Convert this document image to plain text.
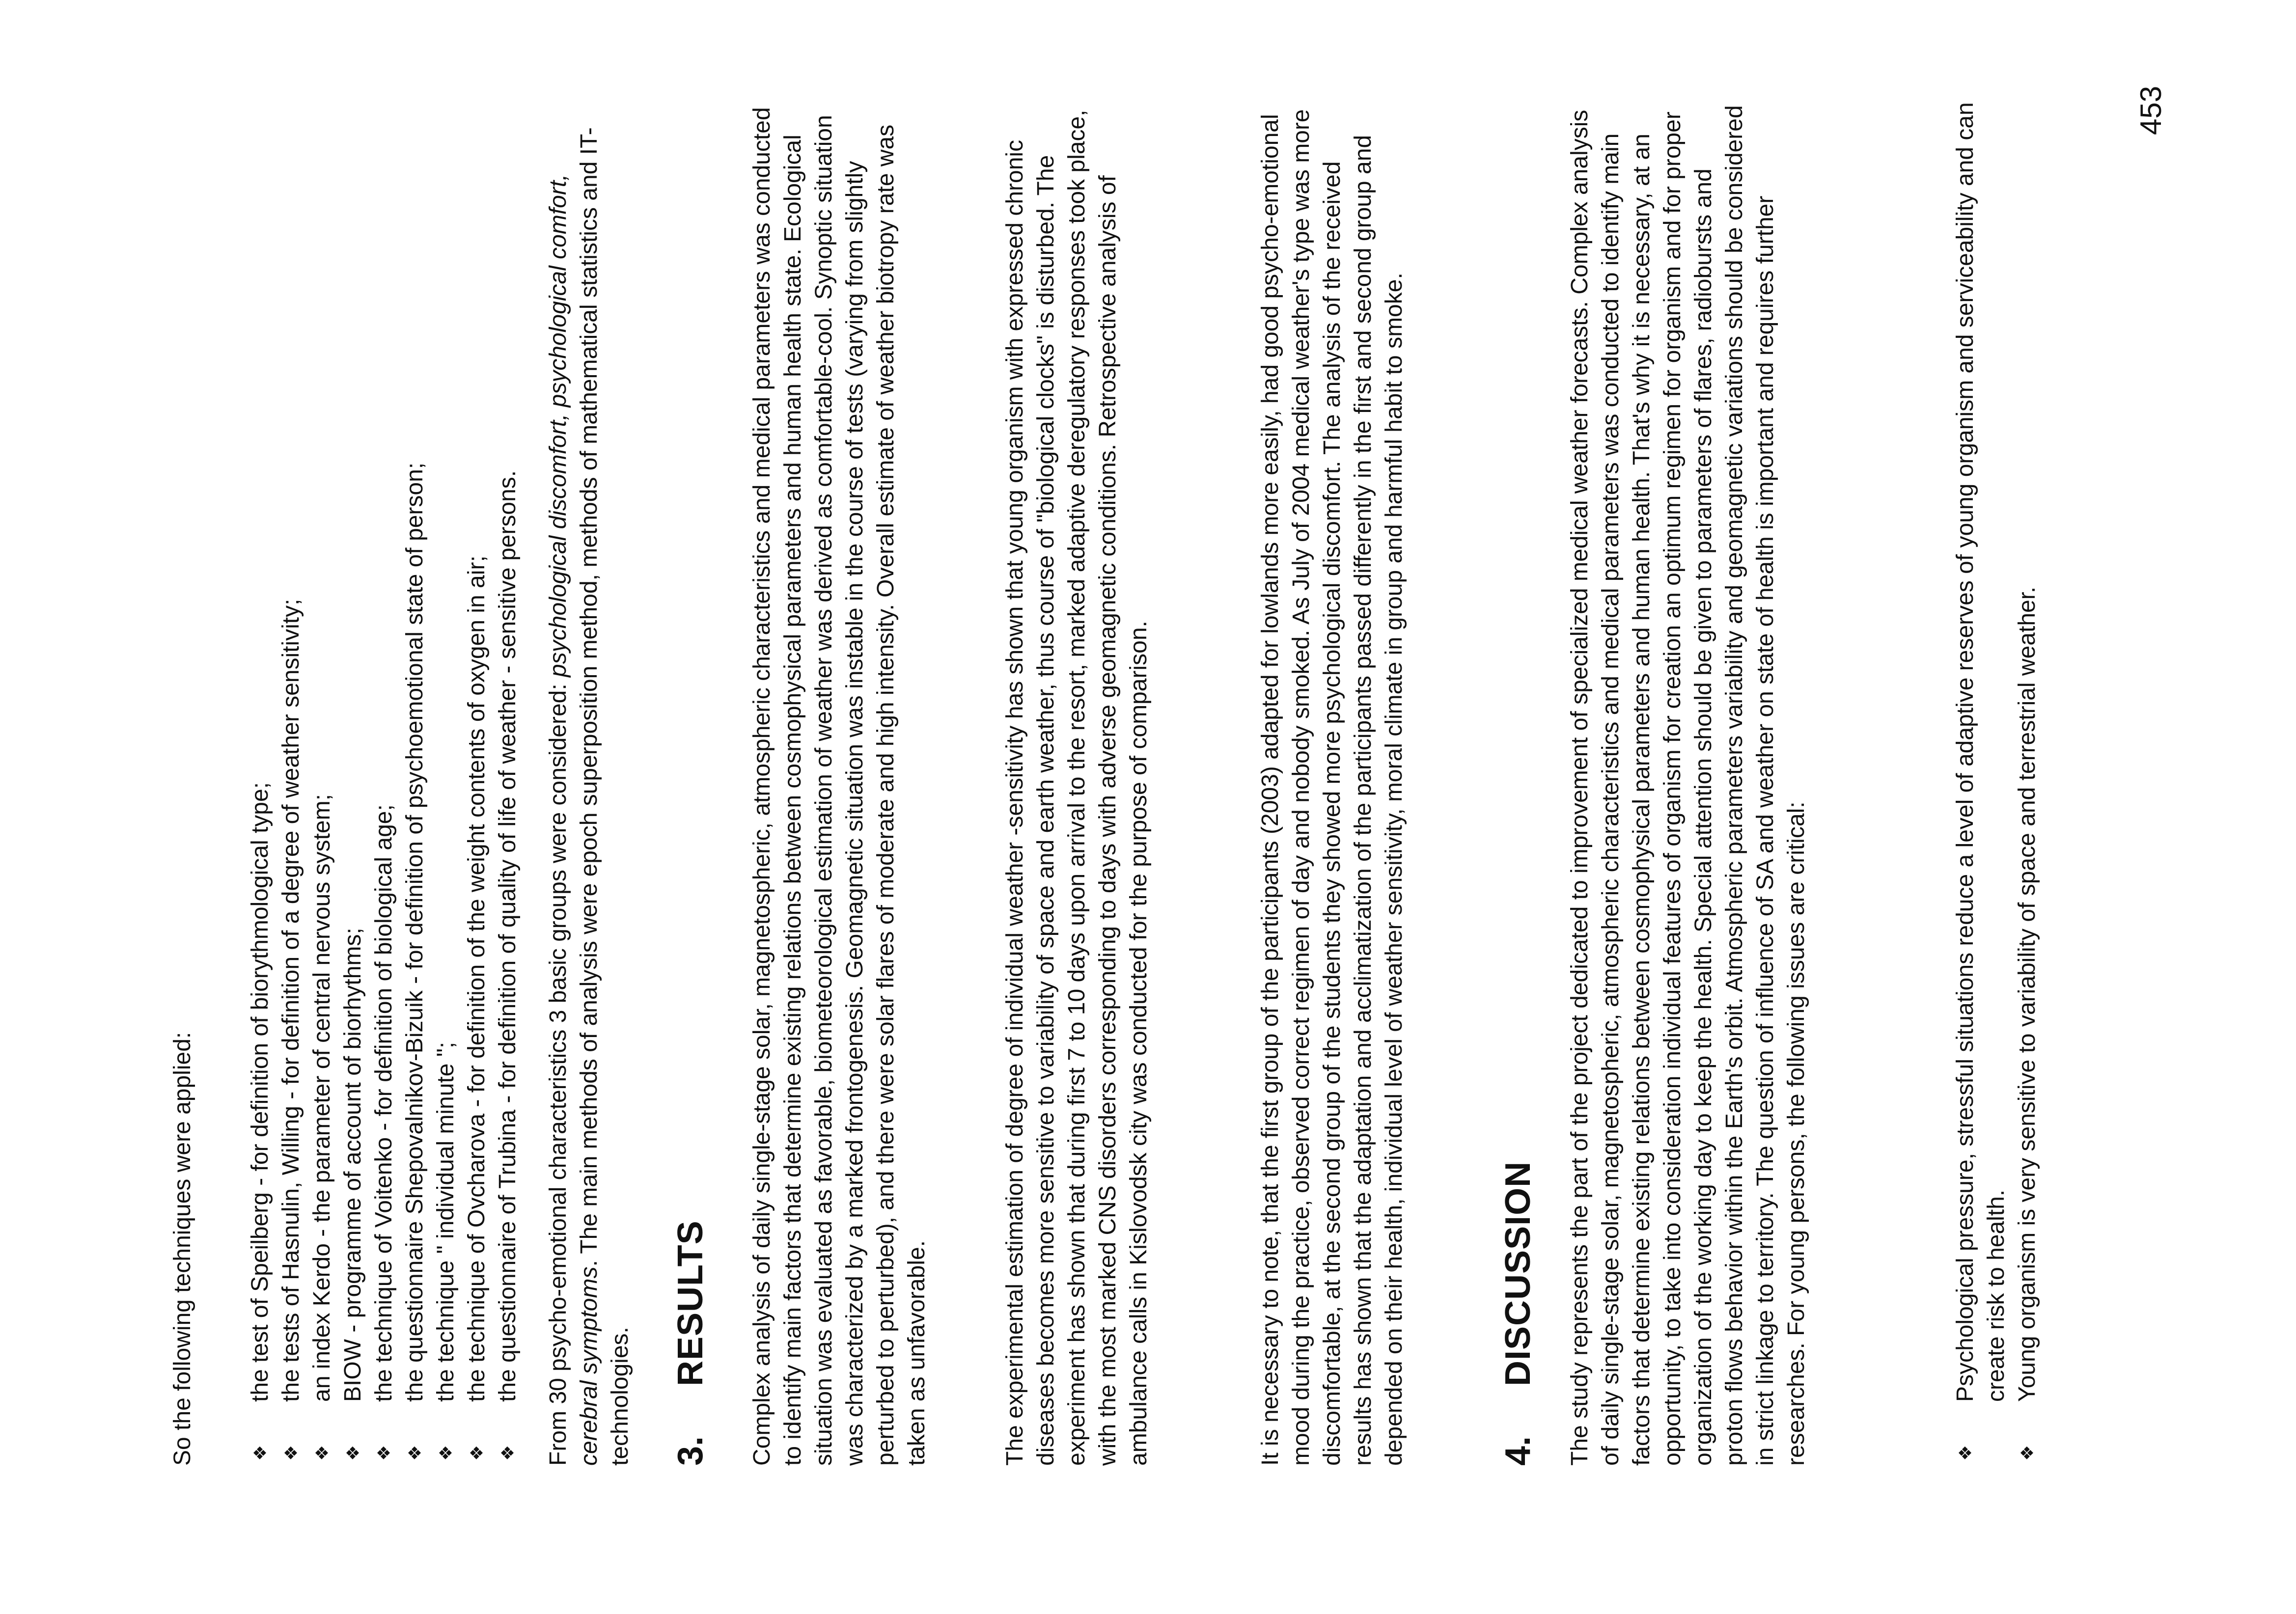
So the following techniques were applied:	❖
the test of Speilberg - for definition of biorythmological type;
❖
the tests of Hasnulin, Willing - for definition of a degree of weather sensitivity;
❖
an index Kerdo - the parameter of central nervous system;
❖
BIOW - programme of account of biorhythms;
❖
the technique of Voitenko - for definition of biological age;
❖
the questionnaire Shepovalnikov-Bizuik - for definition of psychoemotional state of person;
❖
the technique " individual minute ";
❖
the technique of Ovcharova - for definition of the weight contents of oxygen in air;
❖
the questionnaire of Trubina - for definition of quality of life of weather - sensitive persons. From 30 psycho-emotional characteristics 3 basic groups were considered: psychological discomfort, psychological comfort, cerebral symptoms. The main methods of analysis were epoch superposition method, methods of mathematical statistics and IT-technologies. 3.
RESULTS Complex analysis of daily single-stage solar, magnetospheric, atmospheric characteristics and medical parameters was conducted to identify main factors that determine existing relations between cosmophysical parameters and human health state. Ecological situation was evaluated as favorable, biometeorological estimation of weather was derived as comfortable-cool. Synoptic situation was characterized by a marked frontogenesis. Geomagnetic situation was instable in the course of tests (varying from slightly perturbed to perturbed), and there were solar flares of moderate and high intensity. Overall estimate of weather biotropy rate was taken as unfavorable.	The experimental estimation of degree of individual weather -sensitivity has shown that young organism with expressed chronic diseases becomes more sensitive to variability of space and earth weather, thus course of "biological clocks" is disturbed. The experiment has shown that during first 7 to 10 days upon arrival to the resort, marked adaptive deregulatory responses took place, with the most marked CNS disorders corresponding to days with adverse geomagnetic conditions. Retrospective analysis of ambulance calls in Kislovodsk city was conducted for the purpose of comparison.	It is necessary to note, that the first group of the participants (2003) adapted for lowlands more easily, had good psycho-emotional mood during the practice, observed correct regimen of day and nobody smoked. As July of 2004 medical weather's type was more discomfortable, at the second group of the students they showed more psychological discomfort. The analysis of the received results has shown that the adaptation and acclimatization of the participants passed differently in the first and second group and depended on their health, individual level of weather sensitivity, moral climate in group and harmful habit to smoke.	4.
DISCUSSION The study represents the part of the project dedicated to improvement of specialized medical weather forecasts. Complex analysis of daily single-stage solar, magnetospheric, atmospheric characteristics and medical parameters was conducted to identify main factors that determine existing relations between cosmophysical parameters and human health. That's why it is necessary, at an opportunity, to take into consideration individual features of organism for creation an optimum regimen for organism and for proper organization of the working day to keep the health. Special attention should be given to parameters of flares, radiobursts and proton flows behavior within the Earth's orbit. Atmospheric parameters variability and geomagnetic variations should be considered in strict linkage to territory. The question of influence of SA and weather on state of health is important and requires further researches. For young persons, the following issues are critical:	❖
Psychological pressure, stressful situations reduce a level of adaptive reserves of young organism and serviceability and can create risk to health.
❖
Young organism is very sensitive to variability of space and terrestrial weather.
453
